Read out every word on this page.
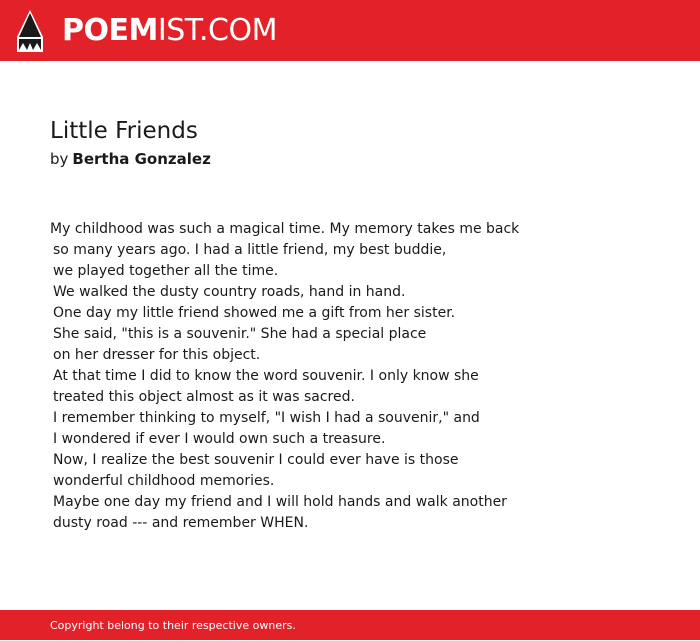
POEMIST.COM
Little Friends
by Bertha Gonzalez
My childhood was such a magical time. My memory takes me back
so many years ago. I had a little friend, my best buddie,
we played together all the time.
We walked the dusty country roads, hand in hand.
One day my little friend showed me a gift from her sister.
She said, "this is a souvenir." She had a special place
on her dresser for this object.
At that time I did to know the word souvenir. I only know she
treated this object almost as it was sacred.
I remember thinking to myself, "I wish I had a souvenir," and
I wondered if ever I would own such a treasure.
Now, I realize the best souvenir I could ever have is those
wonderful childhood memories.
Maybe one day my friend and I will hold hands and walk another
dusty road --- and remember WHEN.
Copyright belong to their respective owners.
